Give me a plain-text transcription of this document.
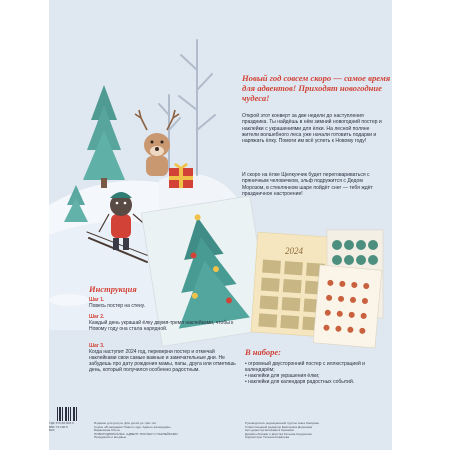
2024

Новый год совсем скоро — самое время для адвентов! Приходят новогодние чудеса!

Открой этот конверт за две недели до наступления праздника. Ты найдёшь в нём зимний новогодний постер и наклейки с украшениями для ёлки. На лесной поляне жители волшебного леса уже начали готовить подарки и наряжать ёлку. Помоги им всё успеть к Новому году!

И скоро на ёлке Щелкунчик будет переговариваться с пряничным человечком, эльф подружится с Дедом Морозом, в стеклянном шаре пойдёт снег — тебя ждёт праздничное настроение!

Инструкция

Шаг 1.
Повесь постер на стену.

Шаг 2.
Каждый день украшай ёлку двумя-тремя наклейками, чтобы к Новому году она стала нарядной.

Шаг 3.
Когда наступит 2024 год, переверни постер и отмечай наклейками свои самые важные и замечательные дни. Не забудешь про дату рождения мамы, папы, друга или отметишь день, который получился особенно радостным.

В наборе:

• огромный двусторонний постер с иллюстрацией и календарём;
• наклейки для украшения ёлки;
• наклейки для календаря радостных событий.

УДК 379.82:003.3
ББК 74.100.5
Б24

Издание для досуга. Для детей до трёх лет
Серия «В ожидании Нового года. Адвент-календари»
Барашкина Ольга
НОВОГОДНЯЯ ЁЛКА. АДВЕНТ-ПОСТЕР С НАКЛЕЙКАМИ
Придумали и впервые

Руководитель редакционной группы Анна Смирова
Ответственный редактор Екатерина Доронина
Арт-директор Елизавета Кремова
Дизайн обложки и вёрстка Татьяна Сидоренко
Корректоры Татьяна Ковалева
